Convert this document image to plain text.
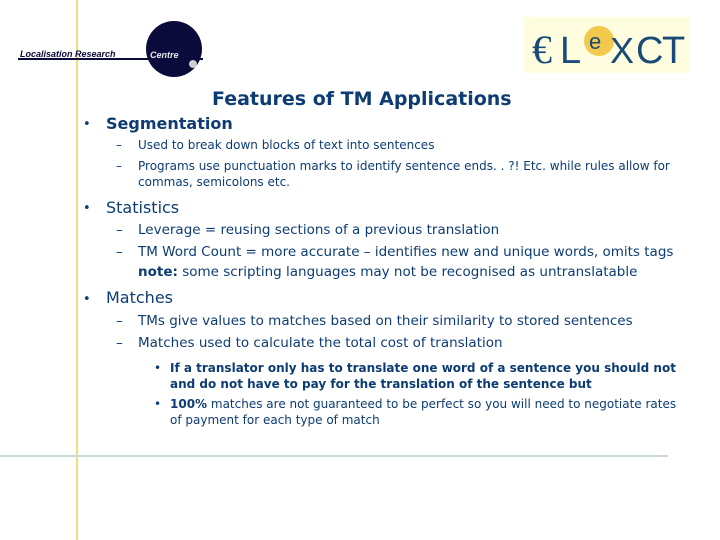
Localisation Research	Centre	€ L e X C
T
Features of TM Applications
• Segmentation
– Used to break down blocks of text into sentences
– Programs use punctuation marks to identify sentence ends. . ?! Etc. while rules allow for
commas, semicolons etc.
• Statistics
– Leverage = reusing sections of a previous translation
– TM Word Count = more accurate – identifies new and unique words, omits tags
note: some scripting languages may not be recognised as untranslatable
• Matches
– TMs give values to matches based on their similarity to stored sentences
– Matches used to calculate the total cost of translation
• If a translator only has to translate one word of a sentence you should not
and do not have to pay for the translation of the sentence but
• 100% matches are not guaranteed to be perfect so you will need to negotiate rates
of payment for each type of match
